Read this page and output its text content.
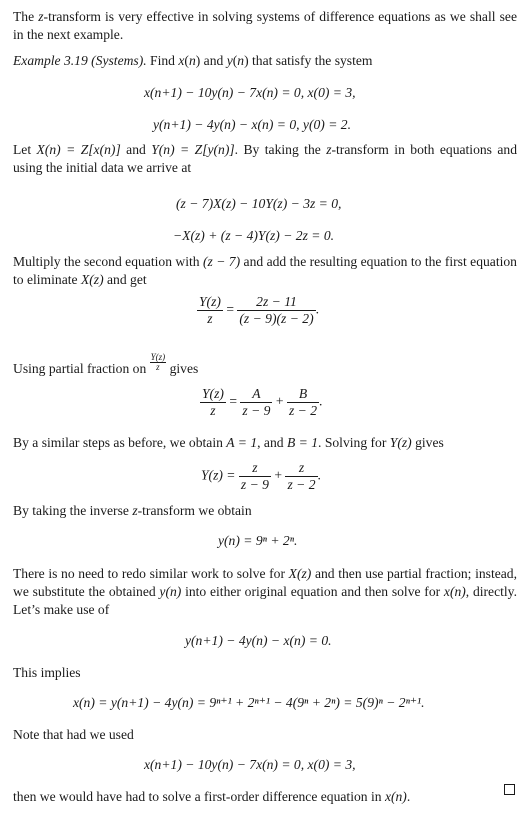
The z-transform is very effective in solving systems of difference equations as we shall see in the next example.

Example 3.19 (Systems). Find x(n) and y(n) that satisfy the system

x(n+1) − 10y(n) − 7x(n) = 0, x(0) = 3,
y(n+1) − 4y(n) − x(n) = 0, y(0) = 2.

Let X(n) = Z[x(n)] and Y(n) = Z[y(n)]. By taking the z-transform in both equations and using the initial data we arrive at

(z − 7)X(z) − 10Y(z) − 3z = 0,
−X(z) + (z − 4)Y(z) − 2z = 0.

Multiply the second equation with (z − 7) and add the resulting equation to the first equation to eliminate X(z) and get

$\frac{Y(z)}{z} = \frac{2z - 11}{(z - 9)(z - 2)}$ .

Using partial fraction on $\frac{Y(z)}{z}$ gives

$\frac{Y(z)}{z} = \frac{A}{z - 9} + \frac{B}{z - 2}$ .

By a similar steps as before, we obtain A = 1, and B = 1. Solving for Y(z) gives

$Y(z) = \frac{z}{z - 9} + \frac{z}{z - 2}$ .

By taking the inverse z-transform we obtain

y(n) = 9ⁿ + 2ⁿ.

There is no need to redo similar work to solve for X(z) and then use partial fraction; instead, we substitute the obtained y(n) into either original equation and then solve for x(n), directly. Let’s make use of

y(n+1) − 4y(n) − x(n) = 0.

This implies

x(n) = y(n+1) − 4y(n) = 9ⁿ⁺¹ + 2ⁿ⁺¹ − 4(9ⁿ + 2ⁿ) = 5(9)ⁿ − 2ⁿ⁺¹.

Note that had we used

x(n+1) − 10y(n) − 7x(n) = 0, x(0) = 3,

then we would have had to solve a first-order difference equation in x(n).
